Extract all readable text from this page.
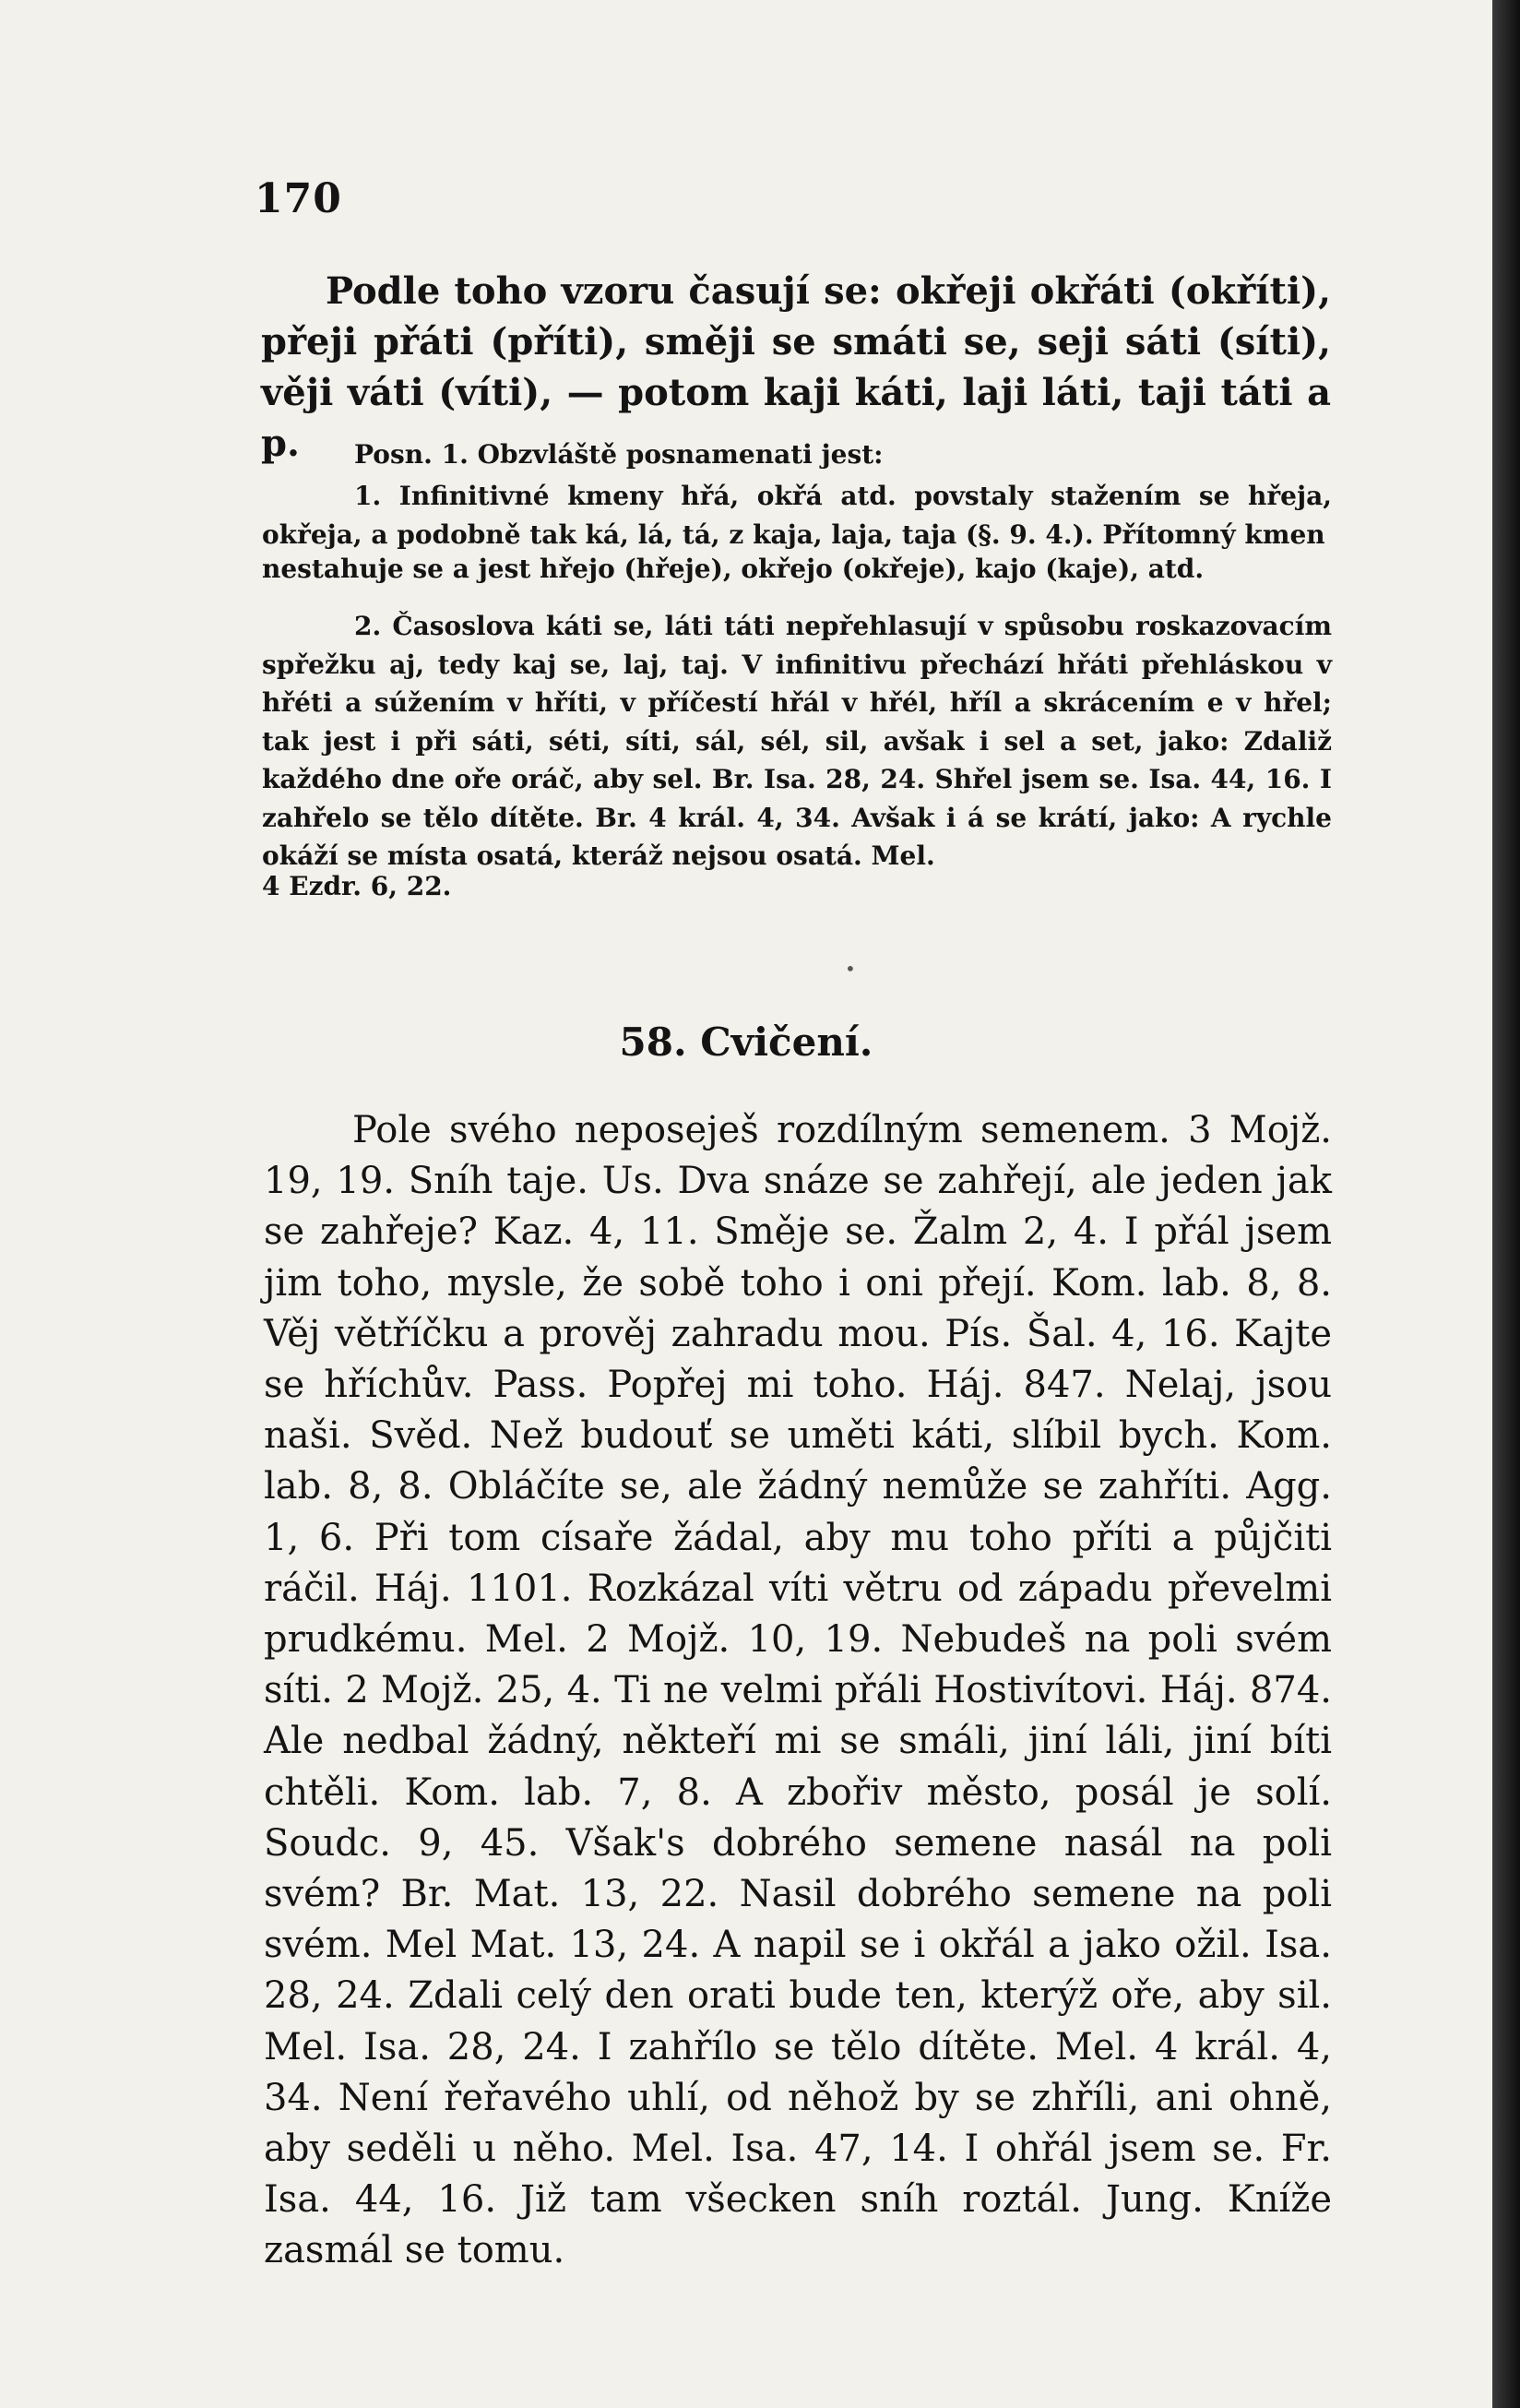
170

Podle toho vzoru časují se: okřeji okřáti (okříti), přeji přáti (příti), směji se smáti se, seji sáti (síti), věji váti (víti), — potom kaji káti, laji láti, taji táti a p.	Posn. 1. Obzvláště posnamenati jest:

1. Infinitivné kmeny hřá, okřá atd. povstaly stažením se hřeja, okřeja, a podobně tak ká, lá, tá, z kaja, laja, taja (§. 9. 4.). Přítomný kmen

nestahuje se a jest hřejo (hřeje), okřejo (okřeje), kajo (kaje), atd.

2. Časoslova káti se, láti táti nepřehlasují v spůsobu roskazovacím spřežku aj, tedy kaj se, laj, taj. V infinitivu přechází hřáti přehláskou v hřéti a súžením v hříti, v příčestí hřál v hřél, hříl a skrácením e v hřel; tak jest i při sáti, séti, síti, sál, sél, sil, avšak i sel a set, jako: Zdaliž každého dne oře oráč, aby sel. Br. Isa. 28, 24. Shřel jsem se. Isa. 44, 16. I zahřelo se tělo dítěte. Br. 4 král. 4, 34. Avšak i á se krátí, jako: A rychle okáží se místa osatá, kteráž nejsou osatá. Mel.

4 Ezdr. 6, 22.
•
58. Cvičení.

Pole svého neposeješ rozdílným semenem. 3 Mojž. 19, 19. Sníh taje. Us. Dva snáze se zahřejí, ale jeden jak se zahřeje? Kaz. 4, 11. Směje se. Žalm 2, 4. I přál jsem jim toho, mysle, že sobě toho i oni přejí. Kom. lab. 8, 8. Věj větříčku a prověj zahradu mou. Pís. Šal. 4, 16. Kajte se hříchův. Pass. Popřej mi toho. Háj. 847. Nelaj, jsou naši. Svěd. Než budouť se uměti káti, slíbil bych. Kom. lab. 8, 8. Obláčíte se, ale žádný nemůže se zahříti. Agg. 1, 6. Při tom císaře žádal, aby mu toho příti a půjčiti ráčil. Háj. 1101. Rozkázal víti větru od západu převelmi prudkému. Mel. 2 Mojž. 10, 19. Nebudeš na poli svém síti. 2 Mojž. 25, 4. Ti ne velmi přáli Hostivítovi. Háj. 874. Ale nedbal žádný, někteří mi se smáli, jiní láli, jiní bíti chtěli. Kom. lab. 7, 8. A zbořiv město, posál je solí. Soudc. 9, 45. Však's dobrého semene nasál na poli svém? Br. Mat. 13, 22. Nasil dobrého semene na poli svém. Mel Mat. 13, 24. A napil se i okřál a jako ožil. Isa. 28, 24. Zdali celý den orati bude ten, kterýž oře, aby sil. Mel. Isa. 28, 24. I zahřílo se tělo dítěte. Mel. 4 král. 4, 34. Není řeřavého uhlí, od něhož by se zhříli, ani ohně, aby seděli u něho. Mel. Isa. 47, 14. I ohřál jsem se. Fr. Isa. 44, 16. Již tam všecken sníh roztál. Jung. Kníže zasmál se tomu.
